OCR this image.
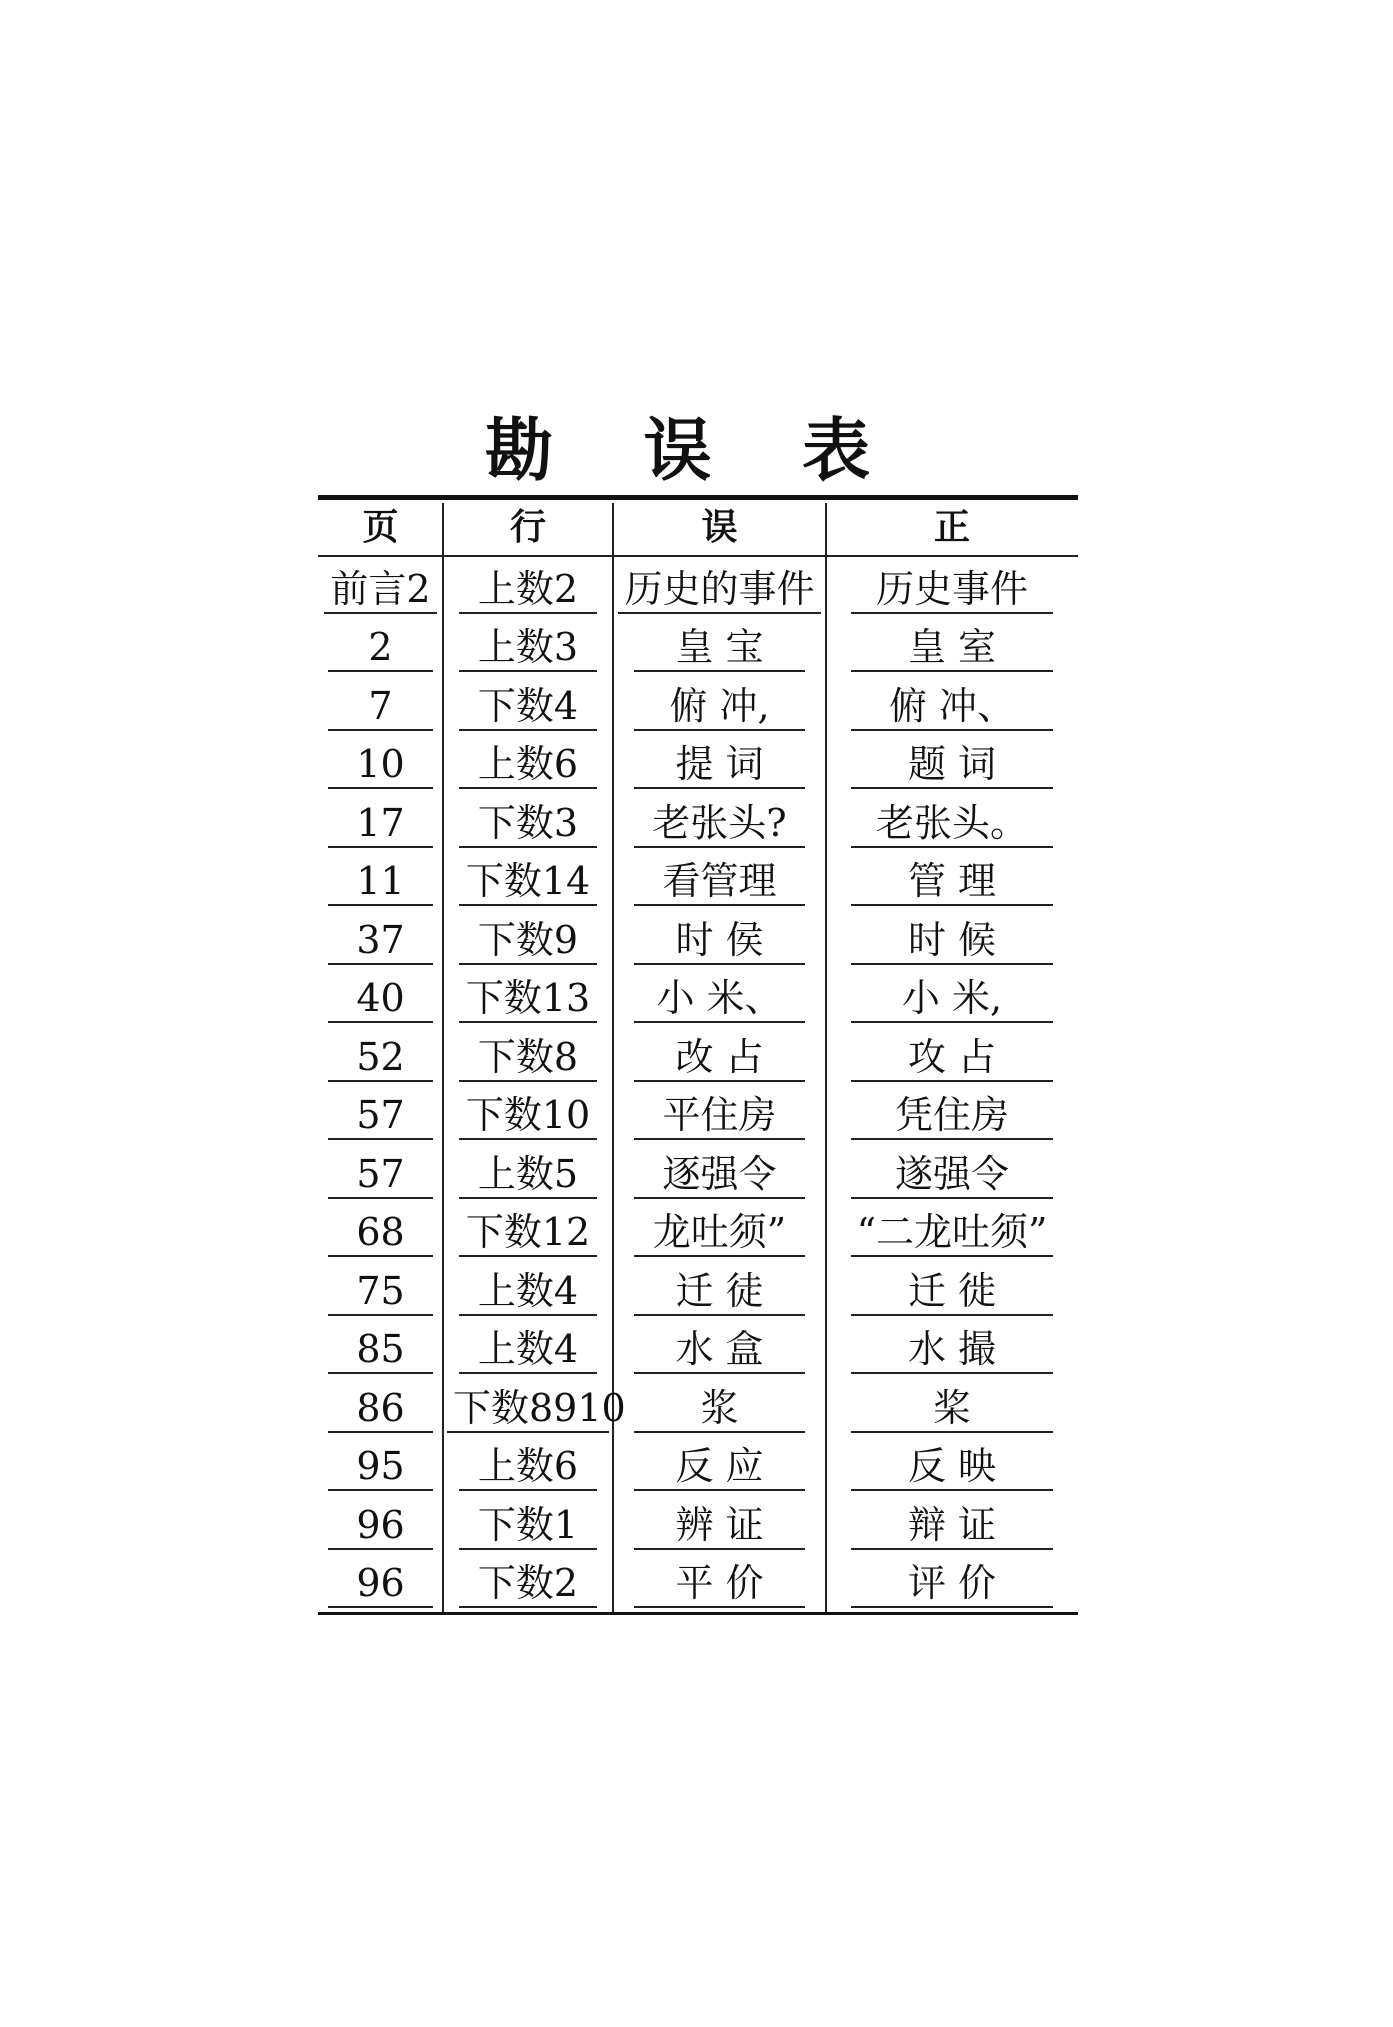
勘 误 表
页	行	误	正
前言2	上数2	历史的事件	历史事件
2	上数3	皇 宝	皇 室
7	下数4	俯 冲,	俯 冲、
10	上数6	提 词	题 词
17	下数3	老张头?	老张头。
11	下数14	看管理	管 理
37	下数9	时 侯	时 候
40	下数13	小 米、	小 米,
52	下数8	改 占	攻 占
57	下数10	平住房	凭住房
57	上数5	逐强令	遂强令
68	下数12	龙吐须”	“二龙吐须”
75	上数4	迁 徒	迁 徙
85	上数4	水 盒	水 撮
86	下数8910	浆	桨
95	上数6	反 应	反 映
96	下数1	辨 证	辩 证
96	下数2	平 价	评 价
